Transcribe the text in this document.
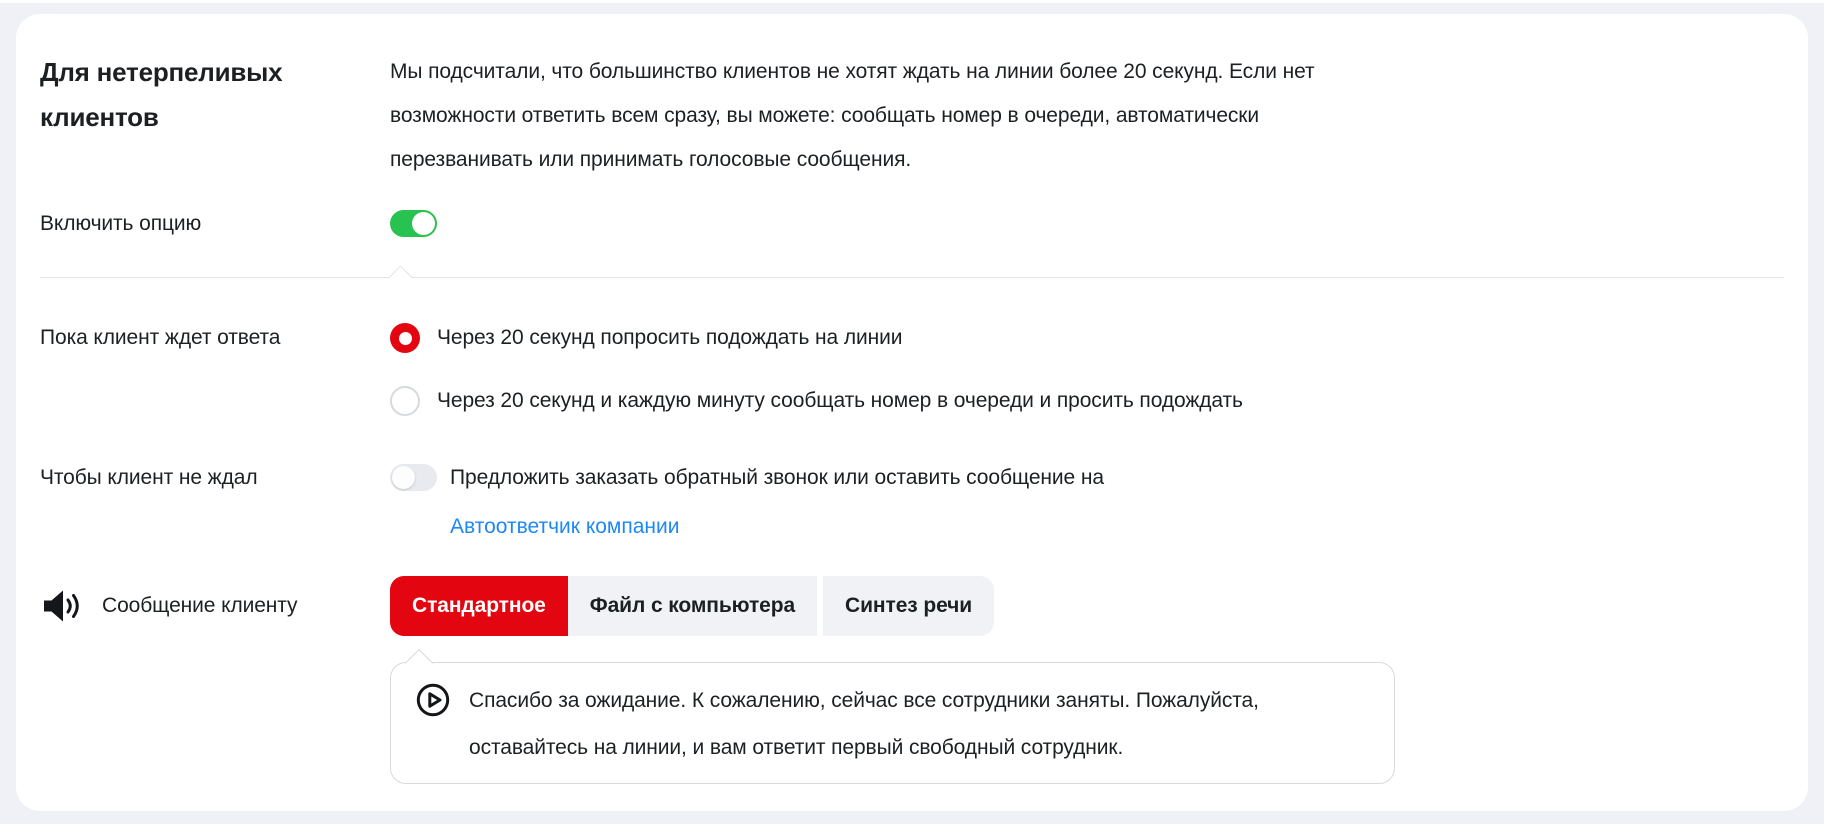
Для нетерпеливых
клиентов
Мы подсчитали, что большинство клиентов не хотят ждать на линии более 20 секунд. Если нет
возможности ответить всем сразу, вы можете: сообщать номер в очереди, автоматически
перезванивать или принимать голосовые сообщения.
Включить опцию
Пока клиент ждет ответа	Через 20 секунд попросить подождать на линии
Через 20 секунд и каждую минуту сообщать номер в очереди и просить подождать
Чтобы клиент не ждал	Предложить заказать обратный звонок или оставить сообщение на
Автоответчик компании
Сообщение клиенту	Стандартное	Файл с компьютера	Синтез речи
Спасибо за ожидание. К сожалению, сейчас все сотрудники заняты. Пожалуйста,
оставайтесь на линии, и вам ответит первый свободный сотрудник.
